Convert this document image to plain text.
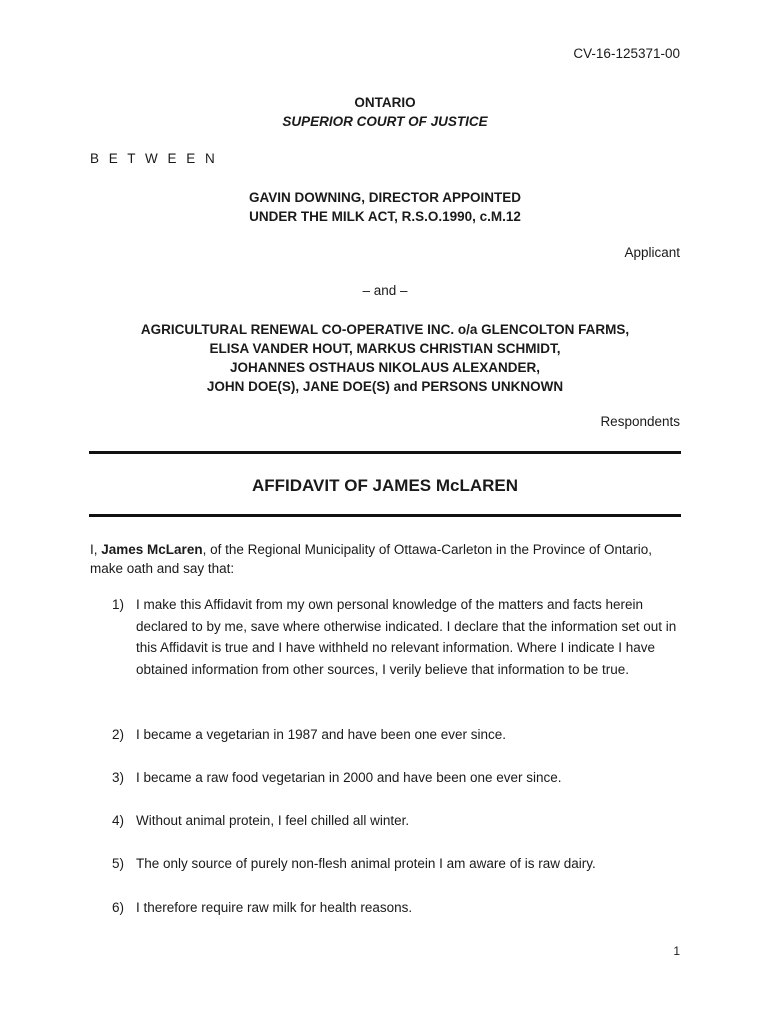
CV-16-125371-00
ONTARIO
SUPERIOR COURT OF JUSTICE
B E T W E E N
GAVIN DOWNING, DIRECTOR APPOINTED
UNDER THE MILK ACT, R.S.O.1990, c.M.12
Applicant
– and –
AGRICULTURAL RENEWAL CO-OPERATIVE INC. o/a GLENCOLTON FARMS,
ELISA VANDER HOUT, MARKUS CHRISTIAN SCHMIDT,
JOHANNES OSTHAUS NIKOLAUS ALEXANDER,
JOHN DOE(S), JANE DOE(S) and PERSONS UNKNOWN
Respondents
AFFIDAVIT OF JAMES McLAREN
I, James McLaren, of the Regional Municipality of Ottawa-Carleton in the Province of Ontario, make oath and say that:
1) I make this Affidavit from my own personal knowledge of the matters and facts herein declared to by me, save where otherwise indicated. I declare that the information set out in this Affidavit is true and I have withheld no relevant information. Where I indicate I have obtained information from other sources, I verily believe that information to be true.
2) I became a vegetarian in 1987 and have been one ever since.
3) I became a raw food vegetarian in 2000 and have been one ever since.
4) Without animal protein, I feel chilled all winter.
5) The only source of purely non-flesh animal protein I am aware of is raw dairy.
6) I therefore require raw milk for health reasons.
1
